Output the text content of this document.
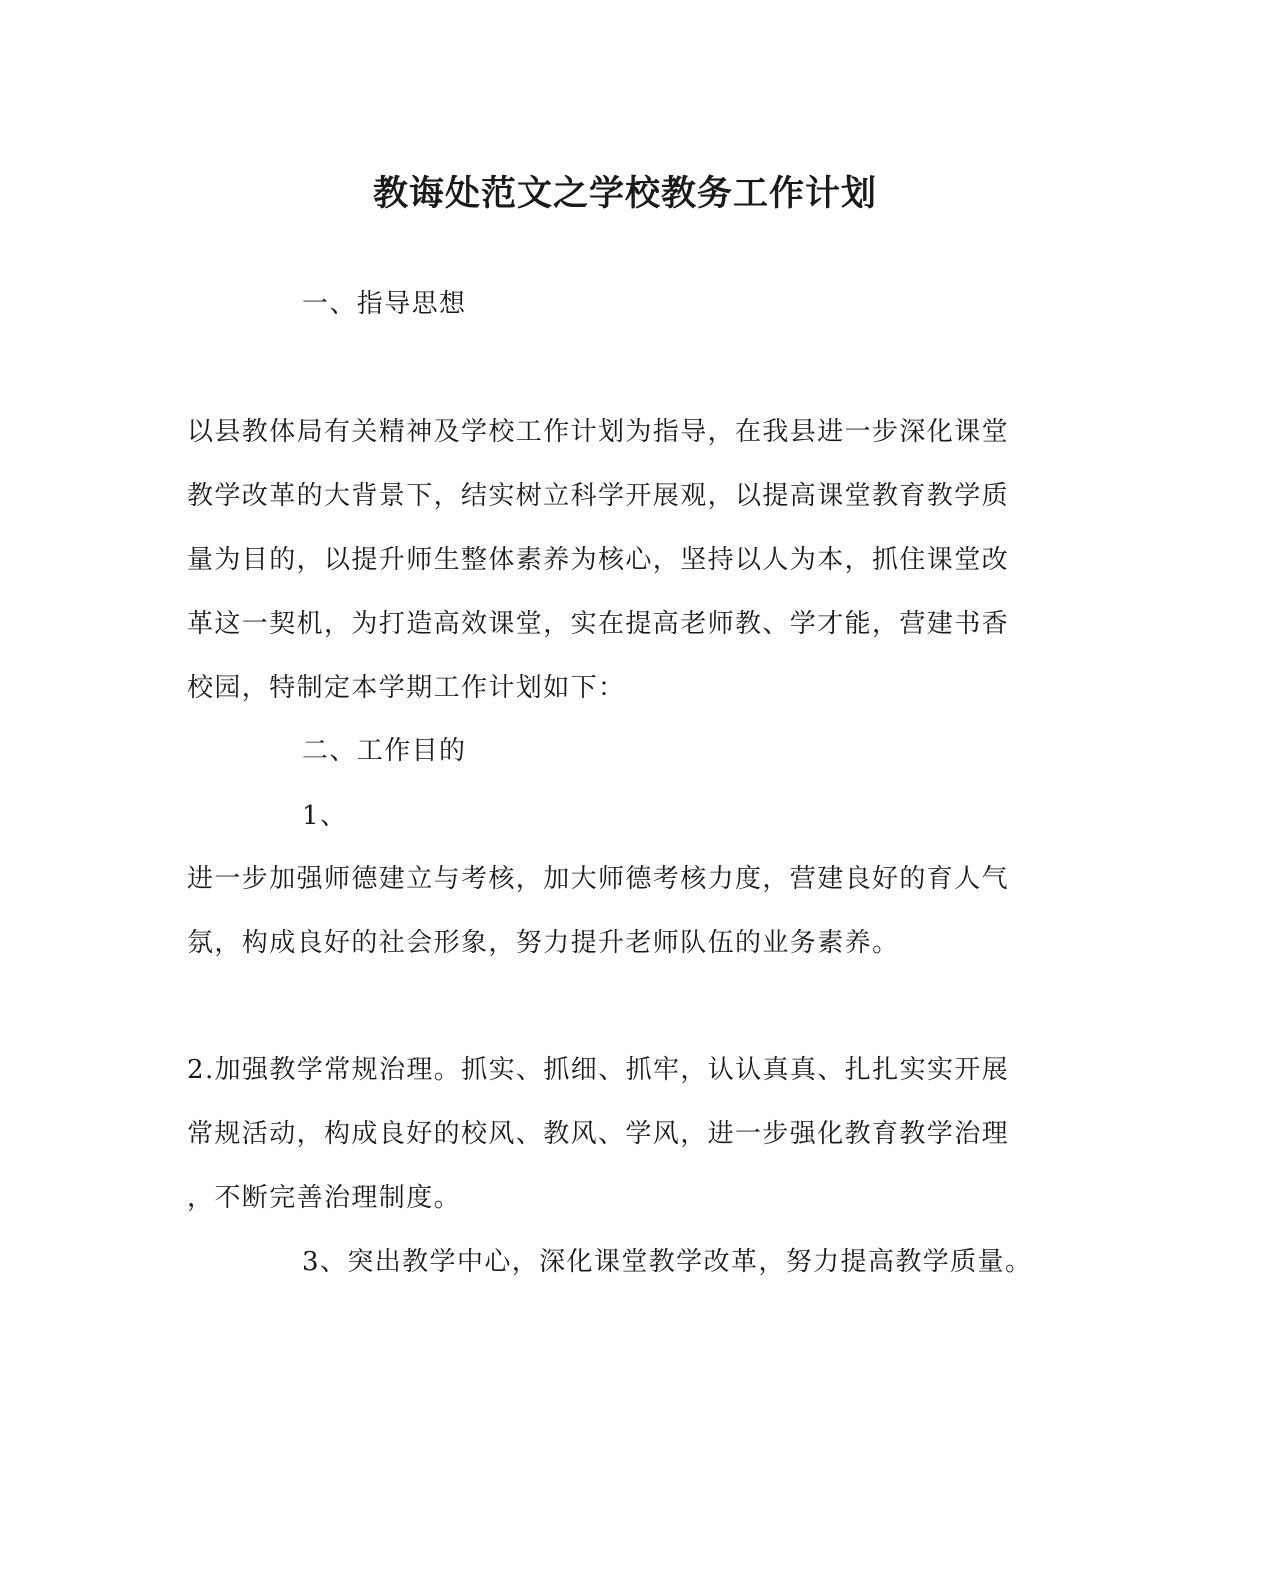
教诲处范文之学校教务工作计划
一、指导思想
以县教体局有关精神及学校工作计划为指导，在我县进一步深化课堂
教学改革的大背景下，结实树立科学开展观，以提高课堂教育教学质
量为目的，以提升师生整体素养为核心，坚持以人为本，抓住课堂改
革这一契机，为打造高效课堂，实在提高老师教、学才能，营建书香
校园，特制定本学期工作计划如下：
二、工作目的
1、
进一步加强师德建立与考核，加大师德考核力度，营建良好的育人气
氛，构成良好的社会形象，努力提升老师队伍的业务素养。
2.加强教学常规治理。抓实、抓细、抓牢，认认真真、扎扎实实开展
常规活动，构成良好的校风、教风、学风，进一步强化教育教学治理
，不断完善治理制度。
3、突出教学中心，深化课堂教学改革，努力提高教学质量。
